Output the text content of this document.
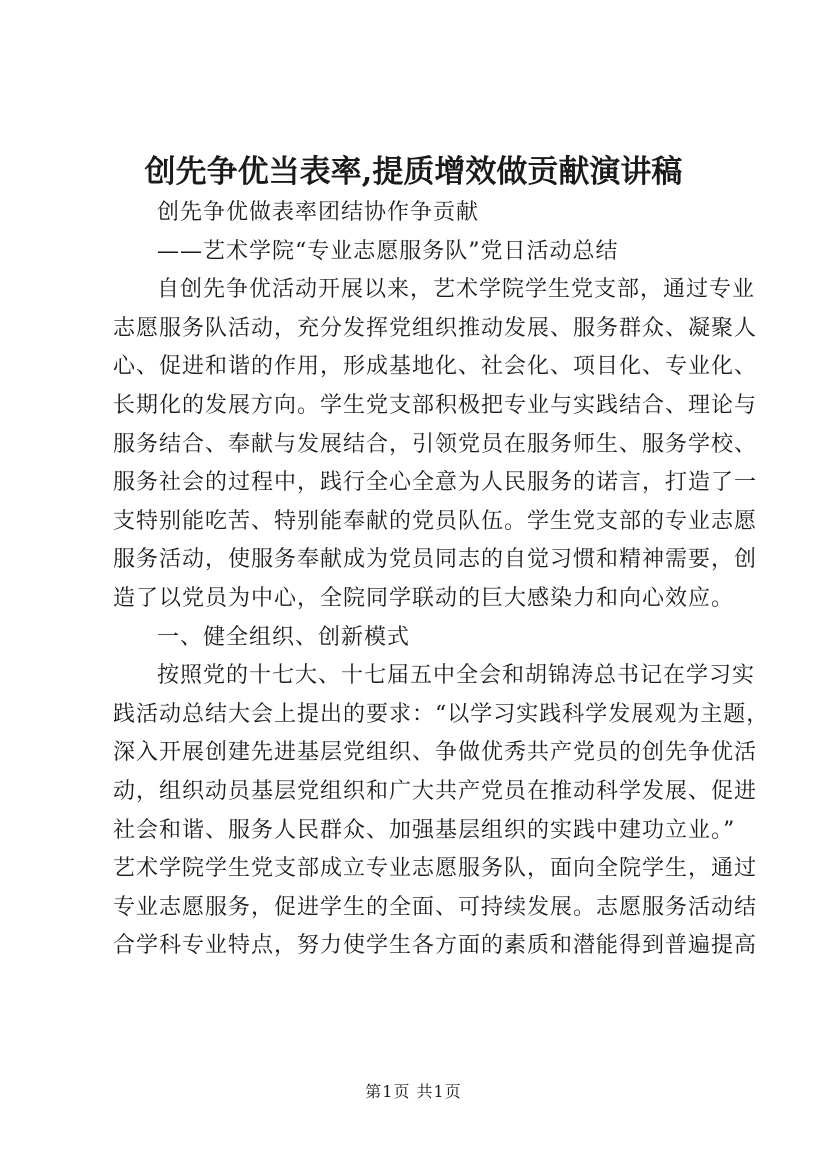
创先争优当表率,提质增效做贡献演讲稿
创先争优做表率团结协作争贡献
——艺术学院“专业志愿服务队”党日活动总结
自创先争优活动开展以来，艺术学院学生党支部，通过专业
志愿服务队活动，充分发挥党组织推动发展、服务群众、凝聚人
心、促进和谐的作用，形成基地化、社会化、项目化、专业化、
长期化的发展方向。学生党支部积极把专业与实践结合、理论与
服务结合、奉献与发展结合，引领党员在服务师生、服务学校、
服务社会的过程中，践行全心全意为人民服务的诺言，打造了一
支特别能吃苦、特别能奉献的党员队伍。学生党支部的专业志愿
服务活动，使服务奉献成为党员同志的自觉习惯和精神需要，创
造了以党员为中心，全院同学联动的巨大感染力和向心效应。
一、健全组织、创新模式
按照党的十七大、十七届五中全会和胡锦涛总书记在学习实
践活动总结大会上提出的要求：“以学习实践科学发展观为主题，
深入开展创建先进基层党组织、争做优秀共产党员的创先争优活
动，组织动员基层党组织和广大共产党员在推动科学发展、促进
社会和谐、服务人民群众、加强基层组织的实践中建功立业。”
艺术学院学生党支部成立专业志愿服务队，面向全院学生，通过
专业志愿服务，促进学生的全面、可持续发展。志愿服务活动结
合学科专业特点，努力使学生各方面的素质和潜能得到普遍提高
第1页 共1页
